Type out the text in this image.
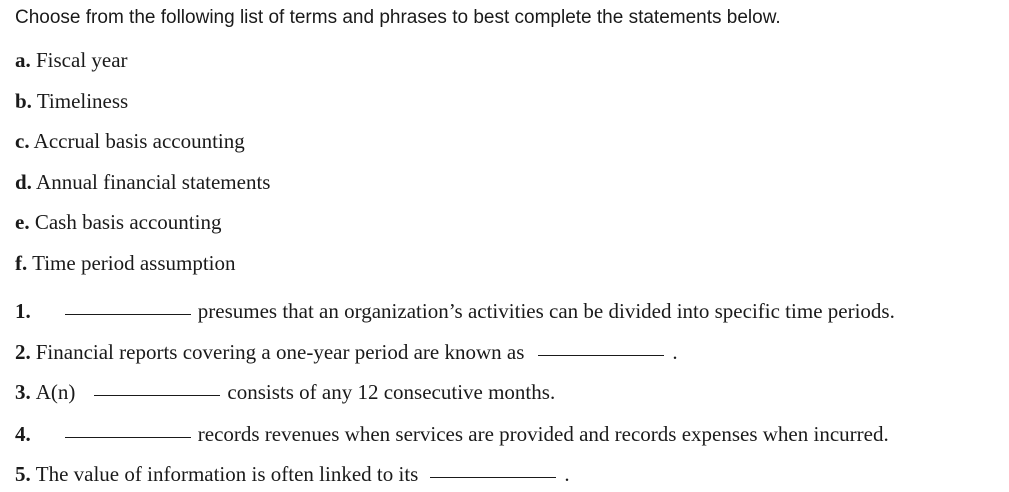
Choose from the following list of terms and phrases to best complete the statements below.
a. Fiscal year
b. Timeliness
c. Accrual basis accounting
d. Annual financial statements
e. Cash basis accounting
f. Time period assumption
1.	presumes that an organization’s activities can be divided into specific time periods.
2. Financial reports covering a one-year period are known as	.
3. A(n)	consists of any 12 consecutive months.
4.	records revenues when services are provided and records expenses when incurred.
5. The value of information is often linked to its	.
